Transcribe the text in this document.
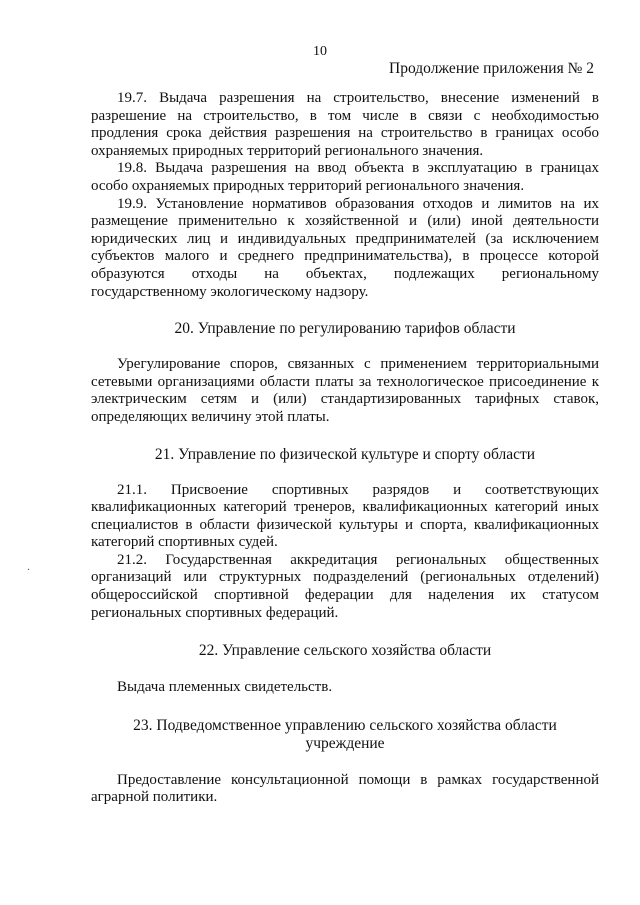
10
Продолжение приложения № 2

19.7. Выдача разрешения на строительство, внесение изменений в разрешение на строительство, в том числе в связи с необходимостью продления срока действия разрешения на строительство в границах особо охраняемых природных территорий регионального значения.

19.8. Выдача разрешения на ввод объекта в эксплуатацию в границах особо охраняемых природных территорий регионального значения.

19.9. Установление нормативов образования отходов и лимитов на их размещение применительно к хозяйственной и (или) иной деятельности юридических лиц и индивидуальных предпринимателей (за исключением субъектов малого и среднего предпринимательства), в процессе которой образуются отходы на объектах, подлежащих региональному государственному экологическому надзору.

20. Управление по регулированию тарифов области

Урегулирование споров, связанных с применением территориальными сетевыми организациями области платы за технологическое присоединение к электрическим сетям и (или) стандартизированных тарифных ставок, определяющих величину этой платы.

21. Управление по физической культуре и спорту области

21.1. Присвоение спортивных разрядов и соответствующих квалификационных категорий тренеров, квалификационных категорий иных специалистов в области физической культуры и спорта, квалификационных категорий спортивных судей.

21.2. Государственная аккредитация региональных общественных организаций или структурных подразделений (региональных отделений) общероссийской спортивной федерации для наделения их статусом региональных спортивных федераций.

22. Управление сельского хозяйства области

Выдача племенных свидетельств.

23. Подведомственное управлению сельского хозяйства области учреждение

Предоставление консультационной помощи в рамках государственной аграрной политики.

.
